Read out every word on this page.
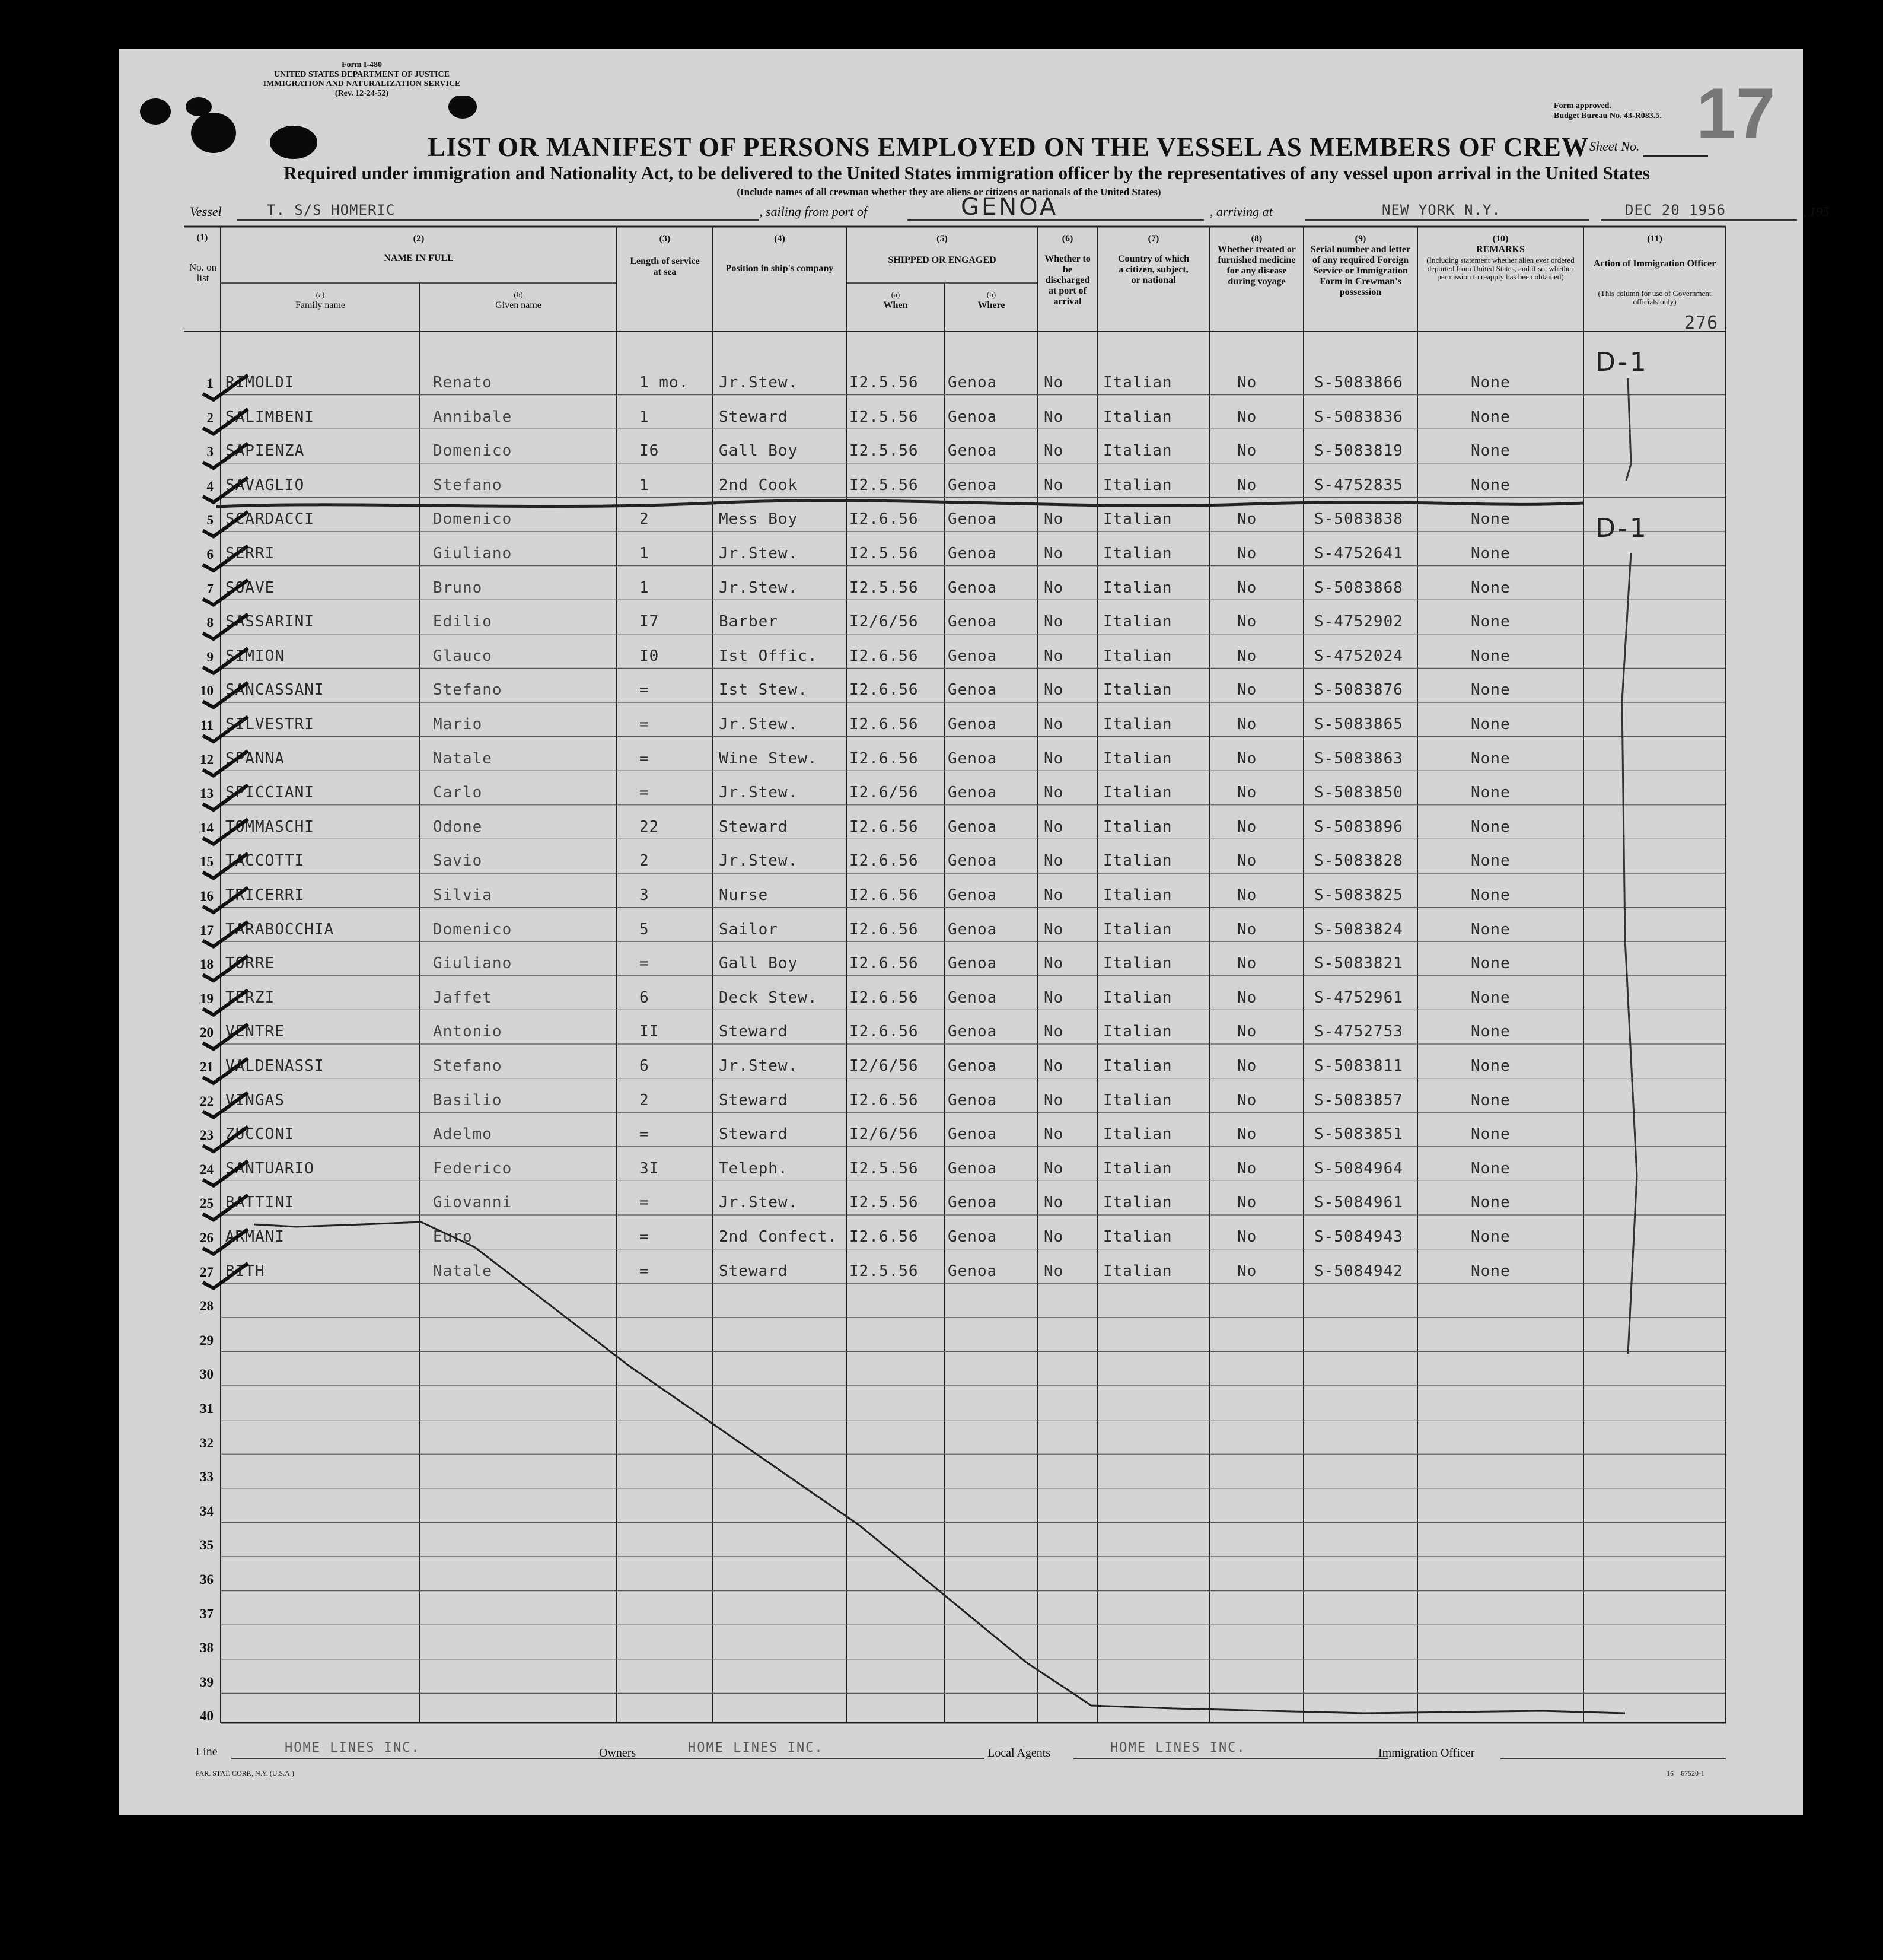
Form I-480
UNITED STATES DEPARTMENT OF JUSTICE
IMMIGRATION AND NATURALIZATION SERVICE
(Rev. 12-24-52)
Form approved.
Budget Bureau No. 43-R083.5.
Sheet No. 17
LIST OR MANIFEST OF PERSONS EMPLOYED ON THE VESSEL AS MEMBERS OF CREW
Required under immigration and Nationality Act, to be delivered to the United States immigration officer by the representatives of any vessel upon arrival in the United States
(Include names of all crewman whether they are aliens or citizens or nationals of the United States)
Vessel	T. S/S HOMERIC	, sailing from port of	GENOA	, arriving at	NEW YORK N.Y.	DEC 20 1956	, 195
(1)
No. on list
(2)
NAME IN FULL
(a)
Family name
(b)
Given name
(3)
Length of service at sea
(4)
Position in ship's company
(5)
SHIPPED OR ENGAGED
(a)
When
(b)
Where
(6)
Whether to be discharged at port of arrival
(7)
Country of which a citizen, subject, or national
(8)
Whether treated or furnished medicine for any disease during voyage
(9)
Serial number and letter of any required Foreign Service or Immigration Form in Crewman's possession
(10)
REMARKS
(Including statement whether alien ever ordered deported from United States, and if so, whether permission to reapply has been obtained)
(11)
Action of Immigration Officer
(This column for use of Government officials only)
276
1 RIMOLDI	Renato	1 mo. Jr.Stew.	I2.5.56 Genoa	No	Italian	No	S-5083866	None
2 SALIMBENI	Annibale	1	Steward	I2.5.56 Genoa	No	Italian	No	S-5083836	None
3 SAPIENZA	Domenico	I6	Gall Boy	I2.5.56 Genoa	No	Italian	No	S-5083819	None
4 SAVAGLIO	Stefano	1	2nd Cook	I2.5.56 Genoa	No	Italian	No	S-4752835	None
5 SCARDACCI	Domenico	2	Mess Boy	I2.6.56 Genoa	No	Italian	No	S-5083838	None
6 SERRI	Giuliano	1	Jr.Stew.	I2.5.56 Genoa	No	Italian	No	S-4752641	None
7 SOAVE	Bruno	1	Jr.Stew.	I2.5.56 Genoa	No	Italian	No	S-5083868	None
8 SASSARINI	Edilio	I7	Barber	I2/6/56 Genoa	No	Italian	No	S-4752902	None
9 SIMION	Glauco	I0	Ist Offic. I2.6.56 Genoa	No	Italian	No	S-4752024	None
10 SANCASSANI	Stefano	=	Ist Stew.	I2.6.56 Genoa	No	Italian	No	S-5083876	None
11 SILVESTRI	Mario	=	Jr.Stew.	I2.6.56 Genoa	No	Italian	No	S-5083865	None
12 SPANNA	Natale	=	Wine Stew. I2.6.56 Genoa	No	Italian	No	S-5083863	None
13 SPICCIANI	Carlo	=	Jr.Stew.	I2.6/56 Genoa	No	Italian	No	S-5083850	None
14 TOMMASCHI	Odone	22	Steward	I2.6.56 Genoa	No	Italian	No	S-5083896	None
15 TACCOTTI	Savio	2	Jr.Stew.	I2.6.56 Genoa	No	Italian	No	S-5083828	None
16 TRICERRI	Silvia	3	Nurse	I2.6.56 Genoa	No	Italian	No	S-5083825	None
17 TARABOCCHIA	Domenico	5	Sailor	I2.6.56 Genoa	No	Italian	No	S-5083824	None
18 TORRE	Giuliano	=	Gall Boy	I2.6.56 Genoa	No	Italian	No	S-5083821	None
19 TERZI	Jaffet	6	Deck Stew. I2.6.56 Genoa	No	Italian	No	S-4752961	None
20 VENTRE	Antonio	II	Steward	I2.6.56 Genoa	No	Italian	No	S-4752753	None
21 VALDENASSI	Stefano	6	Jr.Stew.	I2/6/56 Genoa	No	Italian	No	S-5083811	None
22 VINGAS	Basilio	2	Steward	I2.6.56 Genoa	No	Italian	No	S-5083857	None
23 ZUCCONI	Adelmo	=	Steward	I2/6/56 Genoa	No	Italian	No	S-5083851	None
24 SANTUARIO	Federico	3I	Teleph.	I2.5.56 Genoa	No	Italian	No	S-5084964	None
25 BATTINI	Giovanni	=	Jr.Stew.	I2.5.56 Genoa	No	Italian	No	S-5084961	None
26 ARMANI	Euro	=	2nd Confect. I2.6.56 Genoa	No	Italian	No	S-5084943	None
27 BITH	Natale	=	Steward	I2.5.56 Genoa	No	Italian	No	S-5084942	None
28
29
30
31
32
33
34
35
36
37
38
39
40
D-1
D-1
Line	HOME LINES INC.	Owners	HOME LINES INC.	Local Agents	HOME LINES INC.	Immigration Officer
PAR. STAT. CORP., N.Y. (U.S.A.)	16—67520-1
